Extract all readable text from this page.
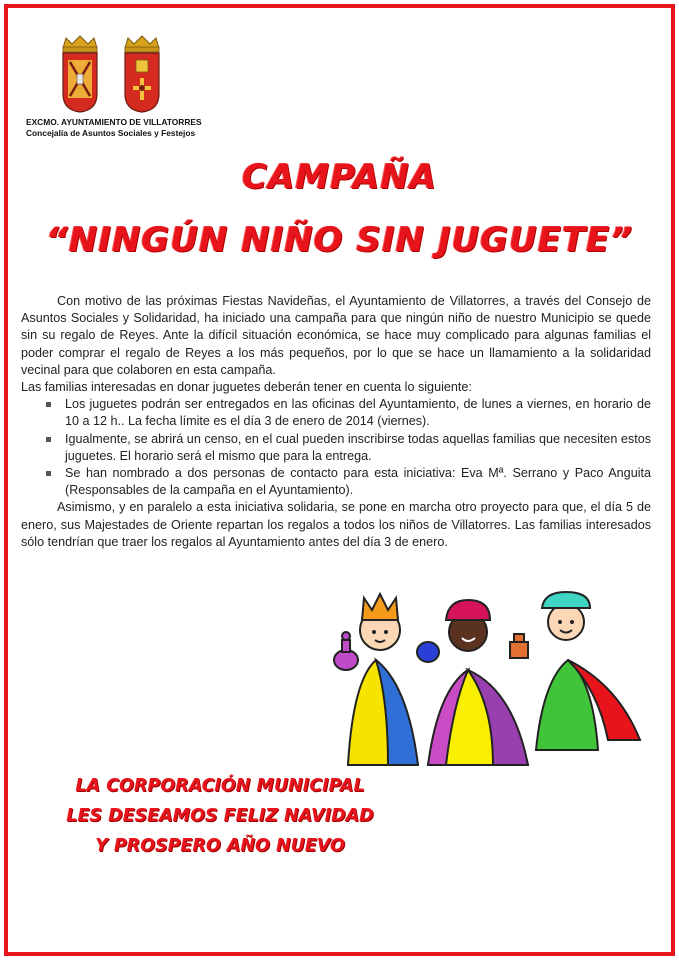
EXCMO. AYUNTAMIENTO DE VILLATORRES
Concejalía de Asuntos Sociales y Festejos
CAMPAÑA
“NINGÚN NIÑO SIN JUGUETE”

Con motivo de las próximas Fiestas Navideñas, el Ayuntamiento de Villatorres, a través del Consejo de Asuntos Sociales y Solidaridad, ha iniciado una campaña para que ningún niño de nuestro Municipio se quede sin su regalo de Reyes. Ante la difícil situación económica, se hace muy complicado para algunas familias el poder comprar el regalo de Reyes a los más pequeños, por lo que se hace un llamamiento a la solidaridad vecinal para que colaboren en esta campaña.

Las familias interesadas en donar juguetes deberán tener en cuenta lo siguiente:

Los juguetes podrán ser entregados en las oficinas del Ayuntamiento, de lunes a viernes, en horario de 10 a 12 h.. La fecha límite es el día 3 de enero de 2014 (viernes).
Igualmente, se abrirá un censo, en el cual pueden inscribirse todas aquellas familias que necesiten estos juguetes. El horario será el mismo que para la entrega.
Se han nombrado a dos personas de contacto para esta iniciativa: Eva Mª. Serrano y Paco Anguita (Responsables de la campaña en el Ayuntamiento).

Asimismo, y en paralelo a esta iniciativa solidaria, se pone en marcha otro proyecto para que, el día 5 de enero, sus Majestades de Oriente repartan los regalos a todos los niños de Villatorres. Las familias interesados sólo tendrían que traer los regalos al Ayuntamiento antes del día 3 de enero.

LA CORPORACIÓN MUNICIPAL
LES DESEAMOS FELIZ NAVIDAD
Y PROSPERO AÑO NUEVO
